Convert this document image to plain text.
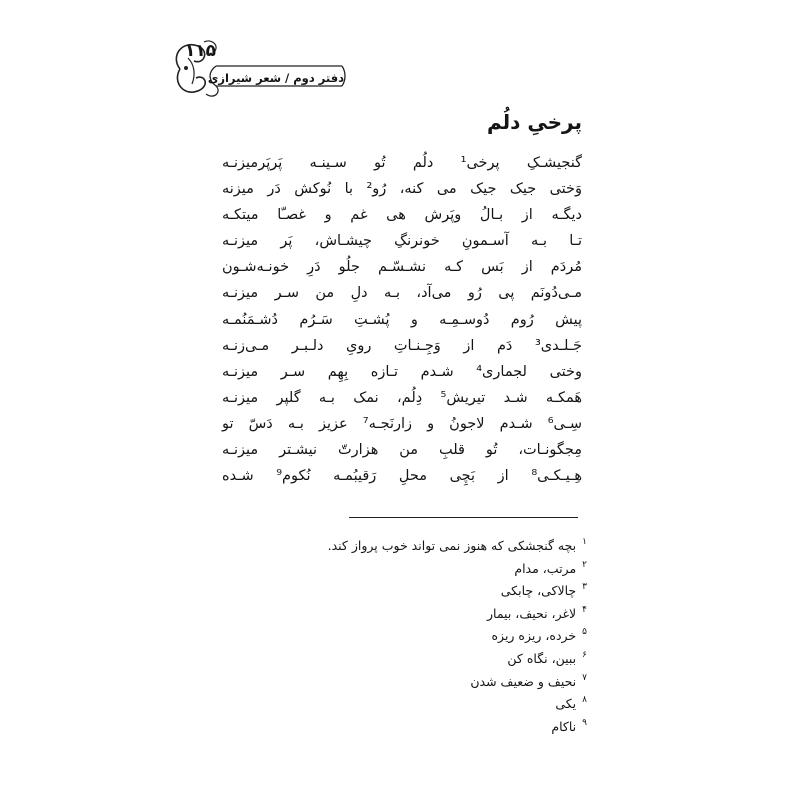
۱۱۵
دفتر دوم / شعر شیرازی
پرخیِ دلُم
گنجیشـکِ پرخی¹ دلُم تُو سـینـه پَرپَرمیزنـه
وَختی جیک جیک می کنه، رُو² با نُوکش دَر میزنه
دیگـه از بـالُ وپَرش هی غم و غصـّا میتکـه
تـا بـه آسـمونِ خونرنگِ چیشـاش، پَر میزنـه
مُردَم از بَس کـه نشـسّـم جلُو دَرِ خونـه‌شـون
مـی‌دُونَم پی رُو می‌آد، بـه دلِ من سـر میزنـه
پیش رُوم دُوسـمِـه و پُشـتِ سَـرُم دُشـمَنُمـه
جَـلـدی³ دَم از وَجِـنـاتِ رویِ دلـبـر مـی‌زنـه
وختی لجماری⁴ شـدم تـازه بِهِم سـر میزنـه
هَمکـه شـد تیریش⁵ دِلُم، نمک بـه گلپر میزنـه
سِـی⁶ شـدم لاجونُ و زارنَجـه⁷ عزیز بـه دَسّ تو
مِجگونـات، تُو قلبِ من هزارتّ نیشـتر میزنـه
هِـیـکـی⁸ از بَچِی محلِ رَقیبُمـه نُکوم⁹ شـده
$^۱$بچه گنجشکی که هنوز نمی تواند خوب پرواز کند.
$^۲$مرتب، مدام
$^۳$چالاکی، چابکی
$^۴$لاغر، نحیف، بیمار
$^۵$خرده، ریزه ریزه
$^۶$ببین، نگاه کن
$^۷$نحیف و ضعیف شدن
$^۸$یکی
$^۹$ناکام
